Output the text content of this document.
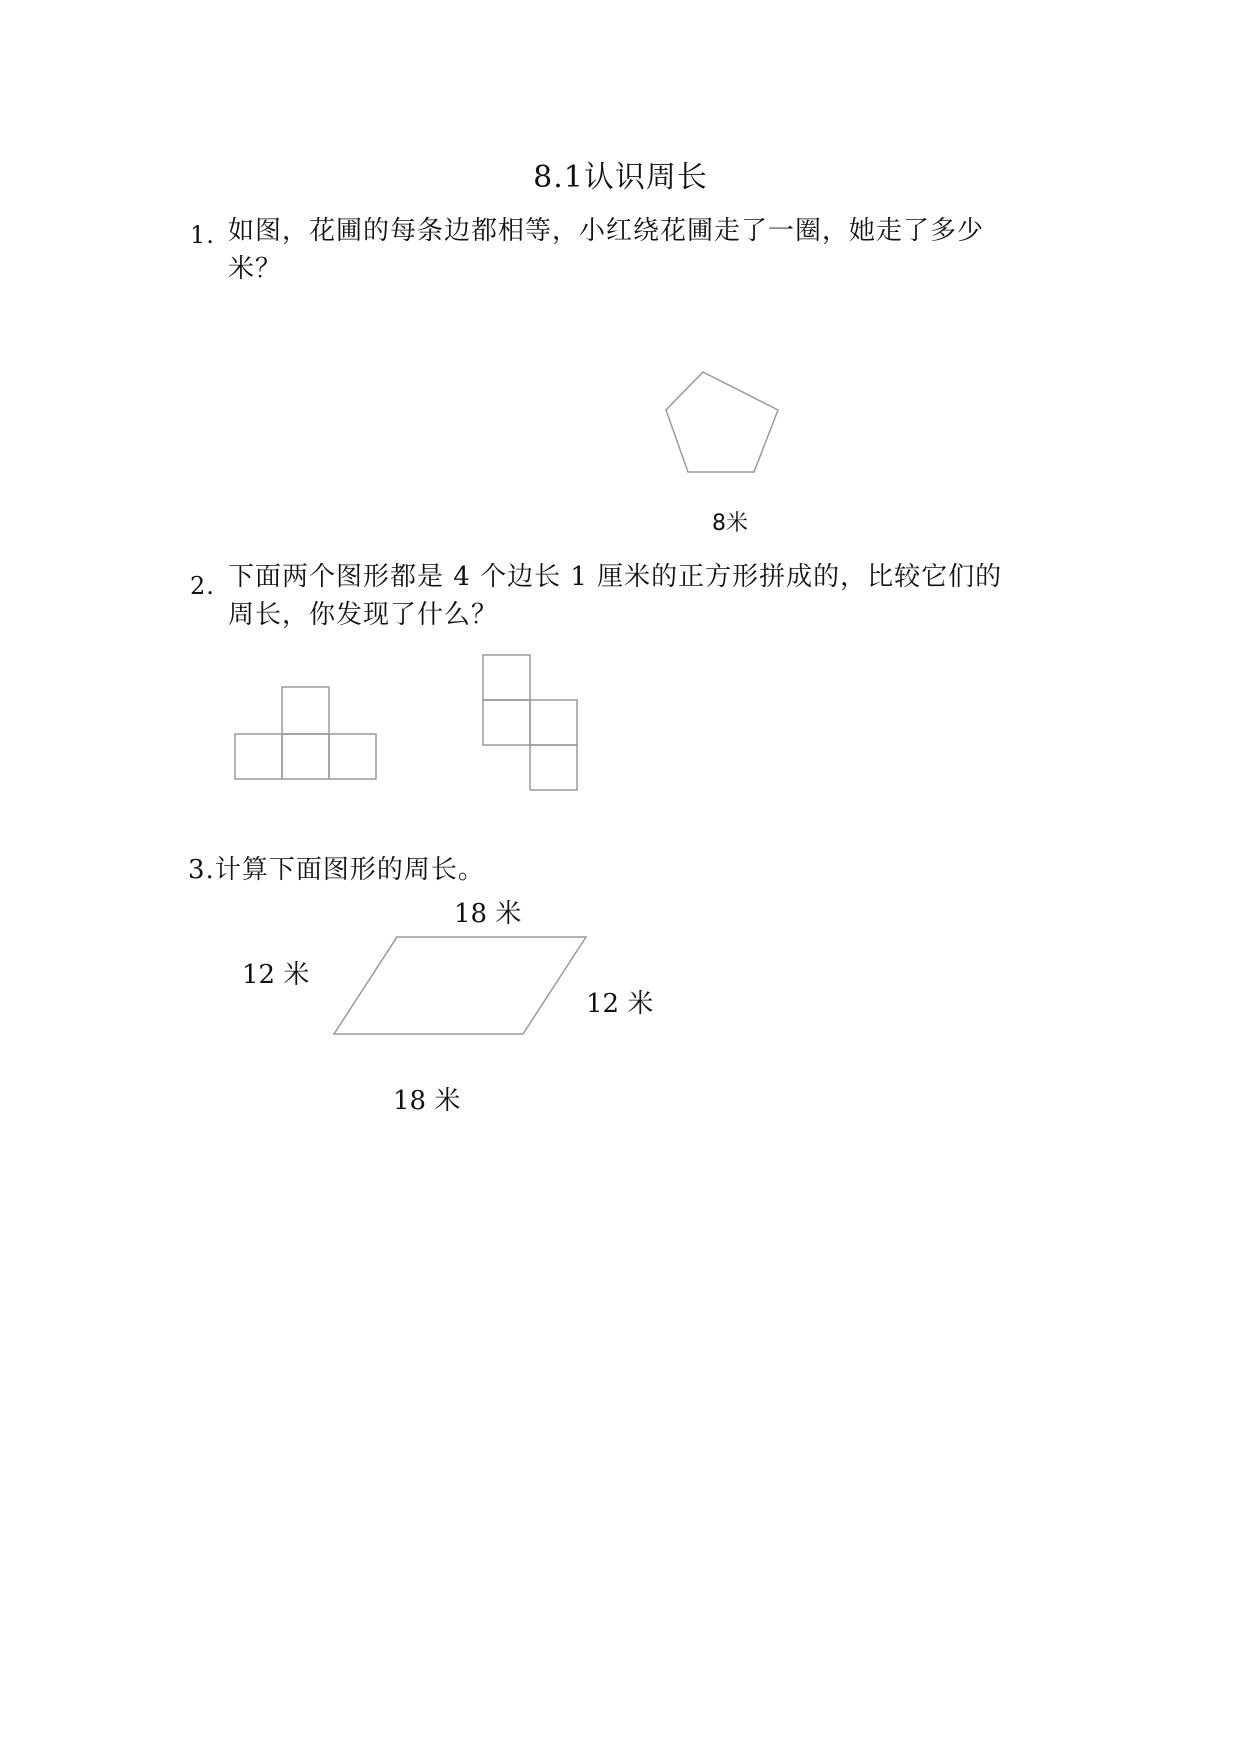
8.1认识周长
1. 如图，花圃的每条边都相等，小红绕花圃走了一圈，她走了多少
米？
8米
2. 下面两个图形都是 4 个边长 1 厘米的正方形拼成的，比较它们的
周长，你发现了什么？
3.计算下面图形的周长。
18 米
12 米
12 米
18 米
